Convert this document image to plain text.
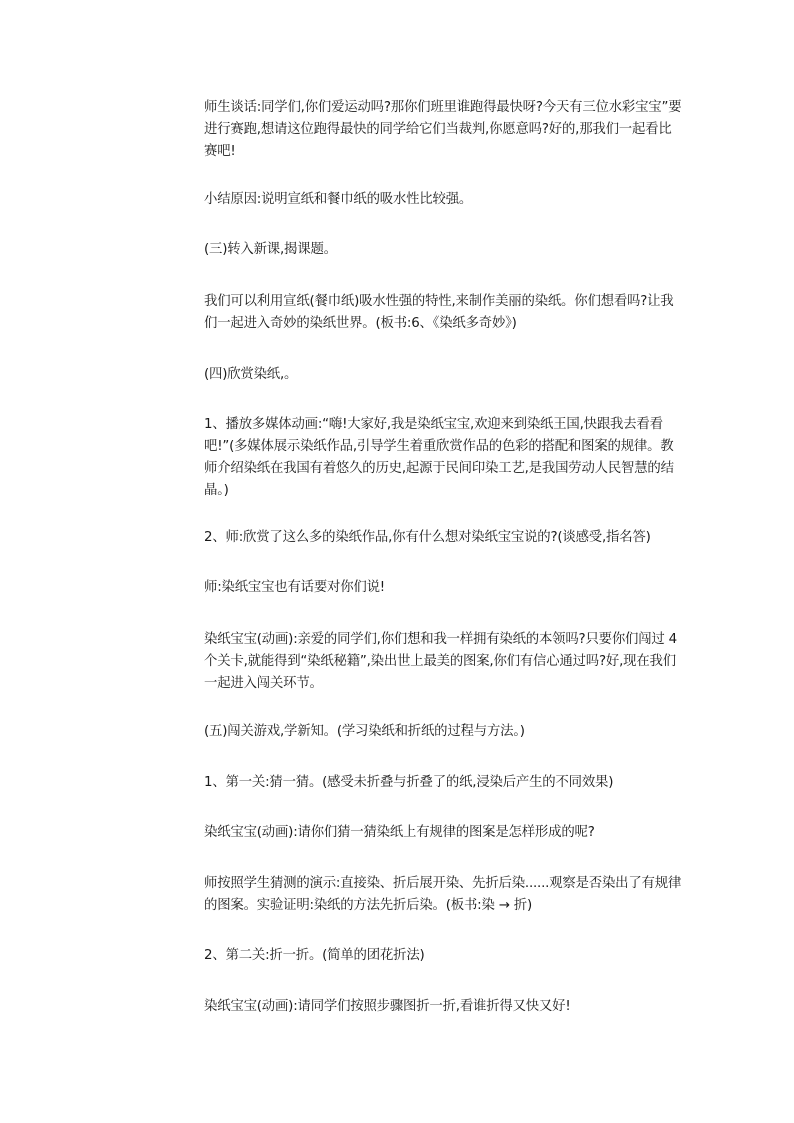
师生谈话:同学们,你们爱运动吗?那你们班里谁跑得最快呀?今天有三位水彩宝宝”要进行赛跑,想请这位跑得最快的同学给它们当裁判,你愿意吗?好的,那我们一起看比赛吧!

小结原因:说明宣纸和餐巾纸的吸水性比较强。

(三)转入新课,揭课题。

我们可以利用宣纸(餐巾纸)吸水性强的特性,来制作美丽的染纸。你们想看吗?让我们一起进入奇妙的染纸世界。(板书:6、《染纸多奇妙》)

(四)欣赏染纸,。

1、播放多媒体动画:“嗨!大家好,我是染纸宝宝,欢迎来到染纸王国,快跟我去看看吧!”(多媒体展示染纸作品,引导学生着重欣赏作品的色彩的搭配和图案的规律。教师介绍染纸在我国有着悠久的历史,起源于民间印染工艺,是我国劳动人民智慧的结晶。)

2、师:欣赏了这么多的染纸作品,你有什么想对染纸宝宝说的?(谈感受,指名答)

师:染纸宝宝也有话要对你们说!

染纸宝宝(动画):亲爱的同学们,你们想和我一样拥有染纸的本领吗?只要你们闯过 4 个关卡,就能得到“染纸秘籍”,染出世上最美的图案,你们有信心通过吗?好,现在我们一起进入闯关环节。

(五)闯关游戏,学新知。(学习染纸和折纸的过程与方法。)

1、第一关:猜一猜。(感受未折叠与折叠了的纸,浸染后产生的不同效果)

染纸宝宝(动画):请你们猜一猜染纸上有规律的图案是怎样形成的呢?

师按照学生猜测的演示:直接染、折后展开染、先折后染......观察是否染出了有规律的图案。实验证明:染纸的方法先折后染。(板书:染 → 折)

2、第二关:折一折。(简单的团花折法)

染纸宝宝(动画):请同学们按照步骤图折一折,看谁折得又快又好!
